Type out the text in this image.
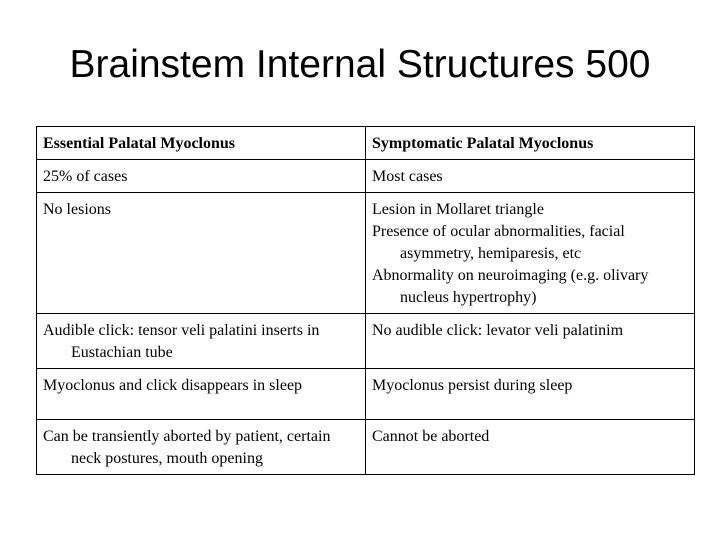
Brainstem Internal Structures 500
Essential Palatal Myoclonus	Symptomatic Palatal Myoclonus

25% of cases	Most cases

No lesions	Lesion in Mollaret triangle
Presence of ocular abnormalities, facial asymmetry, hemiparesis, etc
Abnormality on neuroimaging (e.g. olivary nucleus hypertrophy)

Audible click: tensor veli palatini inserts in Eustachian tube	No audible click: levator veli palatinim

Myoclonus and click disappears in sleep	Myoclonus persist during sleep

Can be transiently aborted by patient, certain neck postures, mouth opening	Cannot be aborted
